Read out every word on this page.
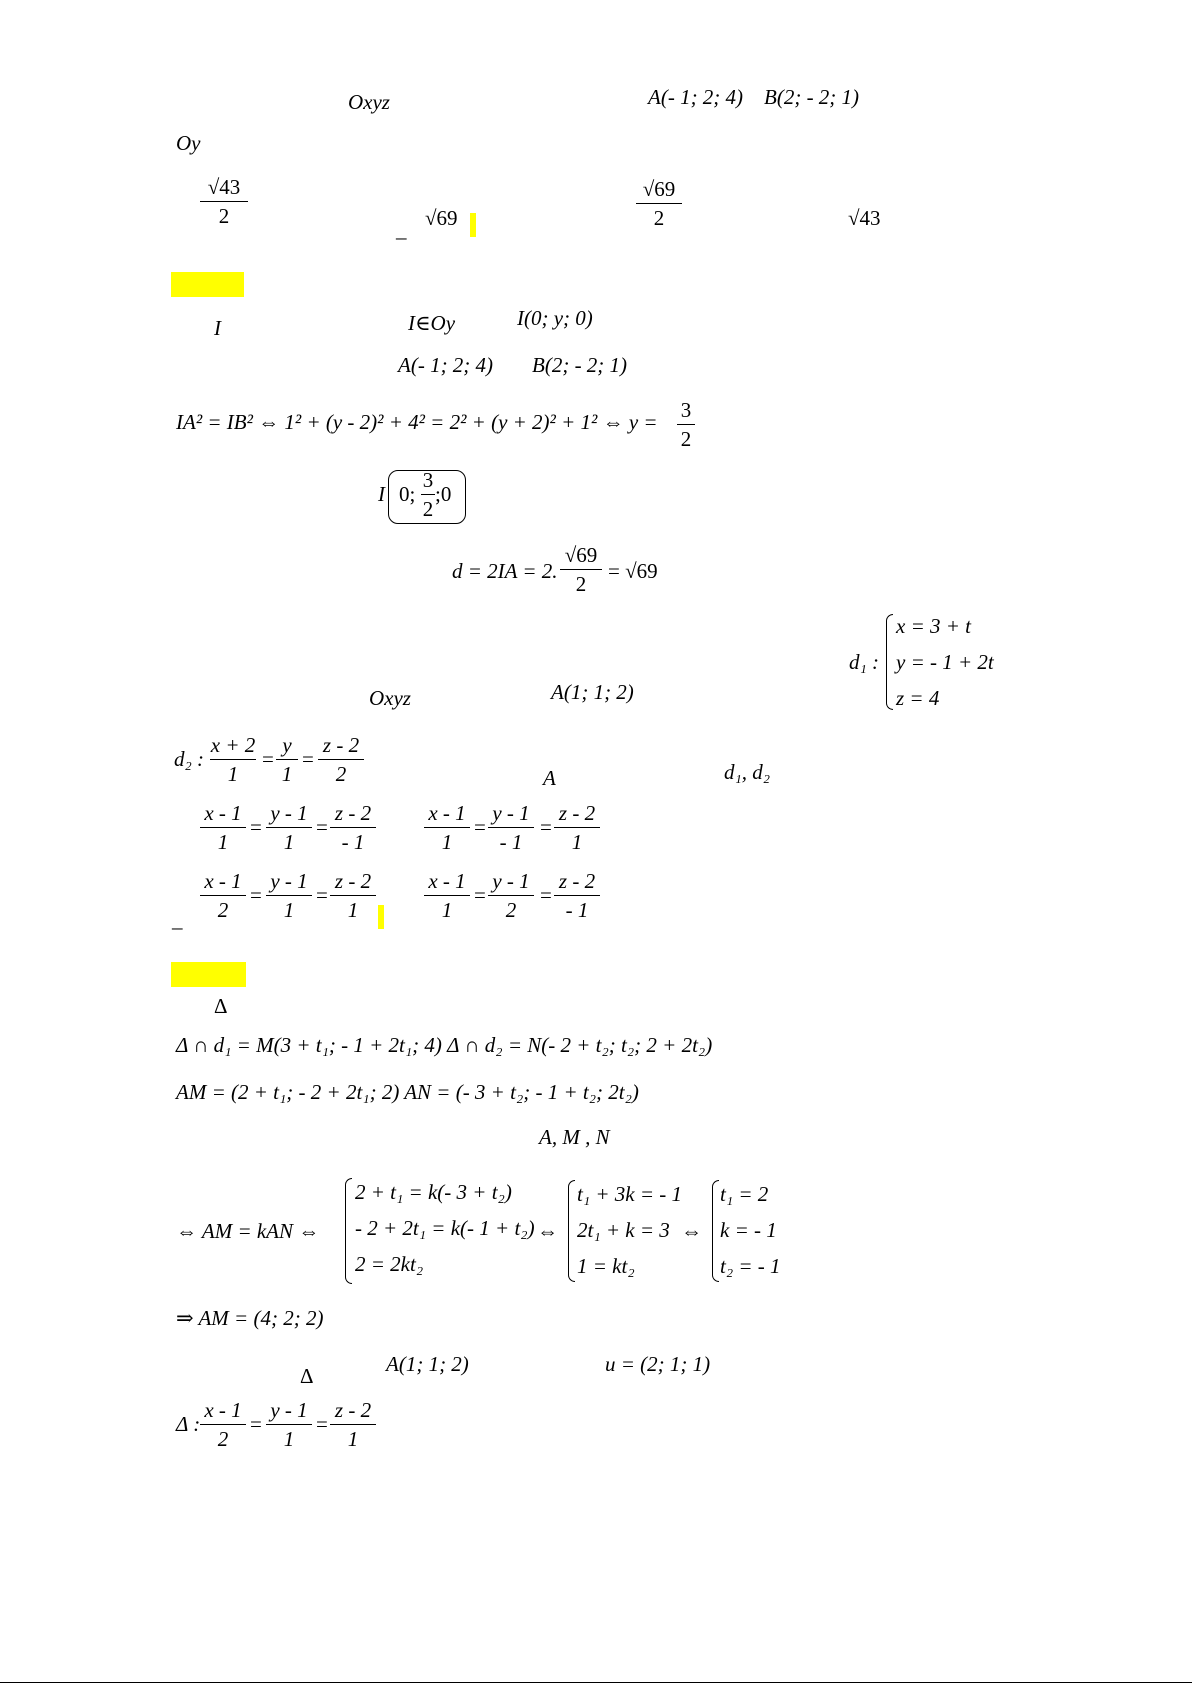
Oxyz	A(- 1; 2; 4) B(2; - 2; 1)
Oy
√43
2
_ √69
√69
2	√43
I	I∈Oy	I(0; y; 0)
A(- 1; 2; 4) B(2; - 2; 1)
IA² = IB² ⇔ 1² + (y - 2)² + 4² = 2² + (y + 2)² + 1² ⇔ y = 3
2
I 0;
3
2
;0
d = 2IA = 2.
√69
2
= √69
d₁ :
x = 3 + t
y = - 1 + 2t
z = 4
Oxyz	A(1; 1; 2)
d₂ :
x + 2
1
=
y
1
=
z - 2
2	A	d₁, d₂
x - 1
1
=
y - 1
1
=
z - 2
- 1
x - 1
1
=
y - 1
- 1
=
z - 2
1
_
x - 1
2
=
y - 1
1
=
z - 2
1
x - 1
1
=
y - 1
2
=
z - 2
- 1
Δ
Δ ∩ d₁ = M(3 + t₁; - 1 + 2t₁; 4) Δ ∩ d₂ = N(- 2 + t₂; t₂; 2 + 2t₂)
AM = (2 + t₁; - 2 + 2t₁; 2) AN = (- 3 + t₂; - 1 + t₂; 2t₂)
A, M , N
⇔ AM = kAN ⇔
2 + t₁ = k(- 3 + t₂)
- 2 + 2t₁ = k(- 1 + t₂)
2 = 2kt₂
⇔
t₁ + 3k = - 1
2t₁ + k = 3
1 = kt₂
⇔
t₁ = 2
k = - 1
t₂ = - 1
⇒ AM = (4; 2; 2)
Δ	A(1; 1; 2)	u = (2; 1; 1)
Δ :
x - 1
2
=
y - 1
1
=
z - 2
1
